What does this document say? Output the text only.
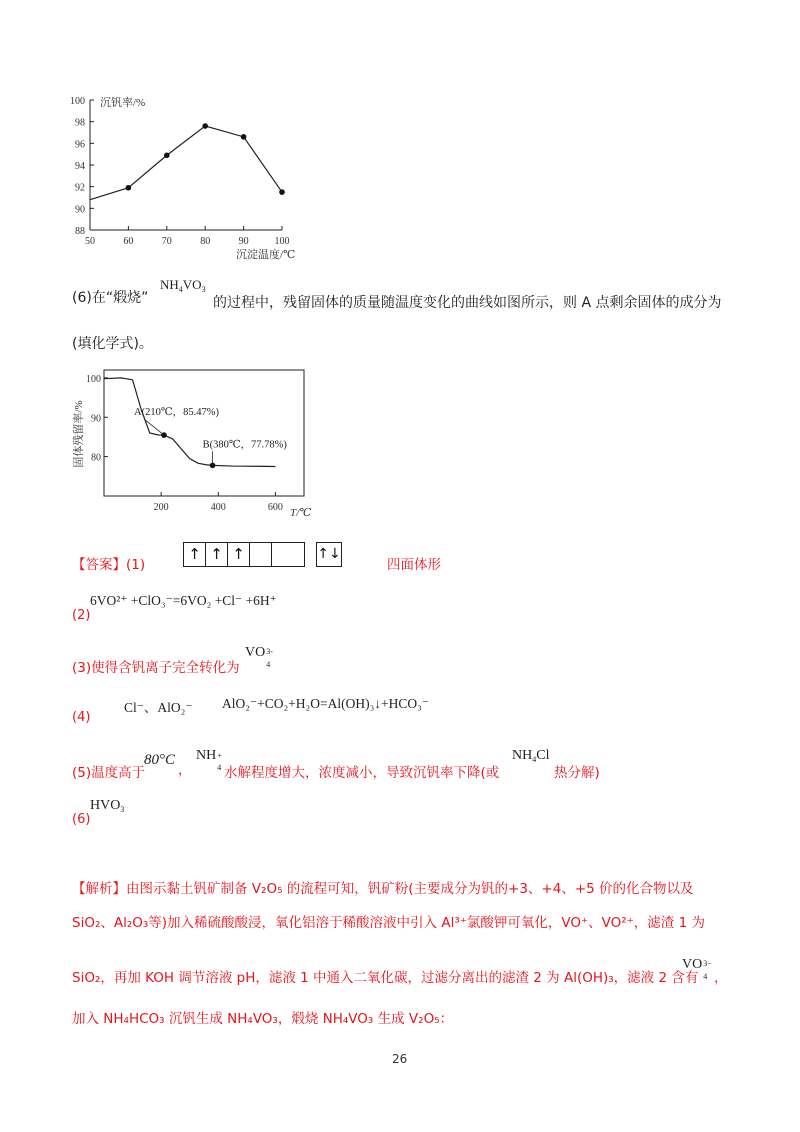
88
90
92
94
96
98
100
50	60	70	80	90	100
沉钒率/%
沉淀温度/℃
(6)在“煅烧”
$NH_4VO_3$
的过程中，残留固体的质量随温度变化的曲线如图所示，则 A 点剩余固体的成分为
(填化学式)。
80
90
100
200	400	600
固体残留率/%
T/℃
A(210℃，85.47%)
B(380℃，77.78%)
【答案】(1)
↑ ↑ ↑	↑↓
四面体形
6VO²⁺ +ClO₃⁻=6VO₂ +Cl⁻ +6H⁺
(2)
(3)使得含钒离子完全转化为
VO 3-
4
Cl⁻、AlO₂⁻ AlO₂⁻+CO₂+H₂O=Al(OH)₃↓+HCO₃⁻
(4)
(5)温度高于
80°C
，
NH +
4 水解程度增大，浓度减小，导致沉钒率下降(或
$NH_4Cl$
热分解)
$HVO_3$
(6)
【解析】由图示黏土钒矿制备 V₂O₅ 的流程可知，钒矿粉(主要成分为钒的+3、+4、+5 价的化合物以及
SiO₂、Al₂O₃等)加入稀硫酸酸浸，氧化铝溶于稀酸溶液中引入 Al³⁺氯酸钾可氧化，VO⁺、VO²⁺，滤渣 1 为
SiO₂，再加 KOH 调节溶液 pH，滤液 1 中通入二氧化碳，过滤分离出的滤渣 2 为 Al(OH)₃，滤液 2 含有
VO 3−
4 ，
加入 NH₄HCO₃ 沉钒生成 NH₄VO₃，煅烧 NH₄VO₃ 生成 V₂O₅：
26
